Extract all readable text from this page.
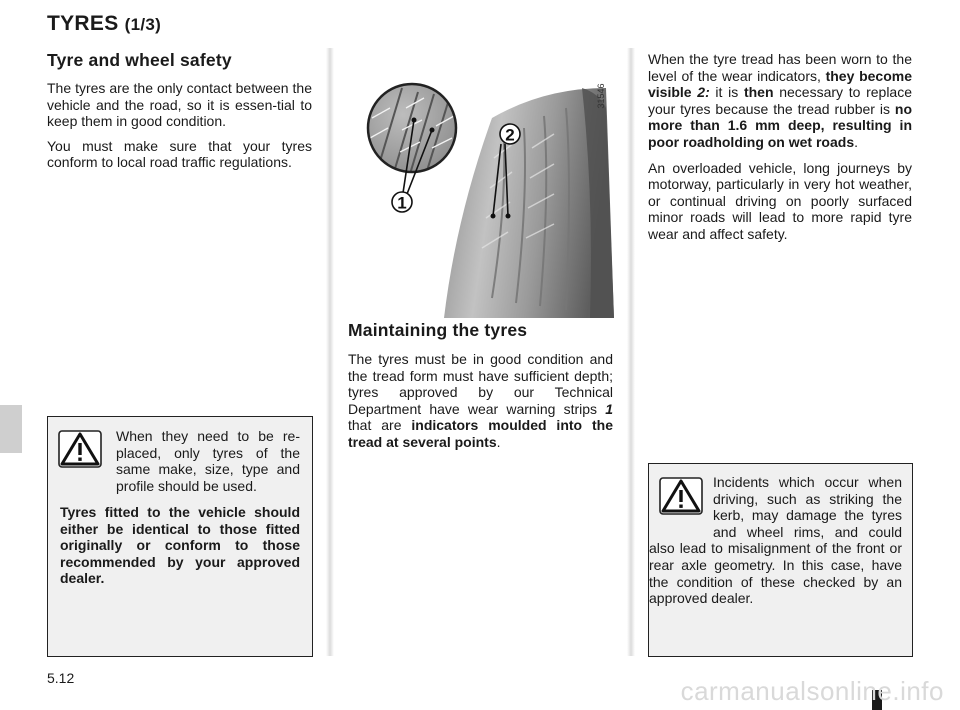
TYRES (1/3)
Tyre and wheel safety

The tyres are the only contact between the vehicle and the road, so it is essen-tial to keep them in good condition.

You must make sure that your tyres conform to local road traffic regulations.

When they need to be re-placed, only tyres of the same make, size, type and profile should be used.

Tyres fitted to the vehicle should either be identical to those fitted originally or conform to those recommended by your approved dealer.

1
2
31546
Maintaining the tyres

The tyres must be in good condition and the tread form must have sufficient depth; tyres approved by our Technical Department have wear warning strips 1 that are indicators moulded into the tread at several points.

When the tyre tread has been worn to the level of the wear indicators, they become visible 2: it is then necessary to replace your tyres because the tread rubber is no more than 1.6 mm deep, resulting in poor roadholding on wet roads.

An overloaded vehicle, long journeys by motorway, particularly in very hot weather, or continual driving on poorly surfaced minor roads will lead to more rapid tyre wear and affect safety.

Incidents which occur when driving, such as striking the kerb, may damage the tyres and wheel rims, and could also lead to misalignment of the front or rear axle geometry. In this case, have the condition of these checked by an approved dealer.

5.12	carmanualsonline.info
